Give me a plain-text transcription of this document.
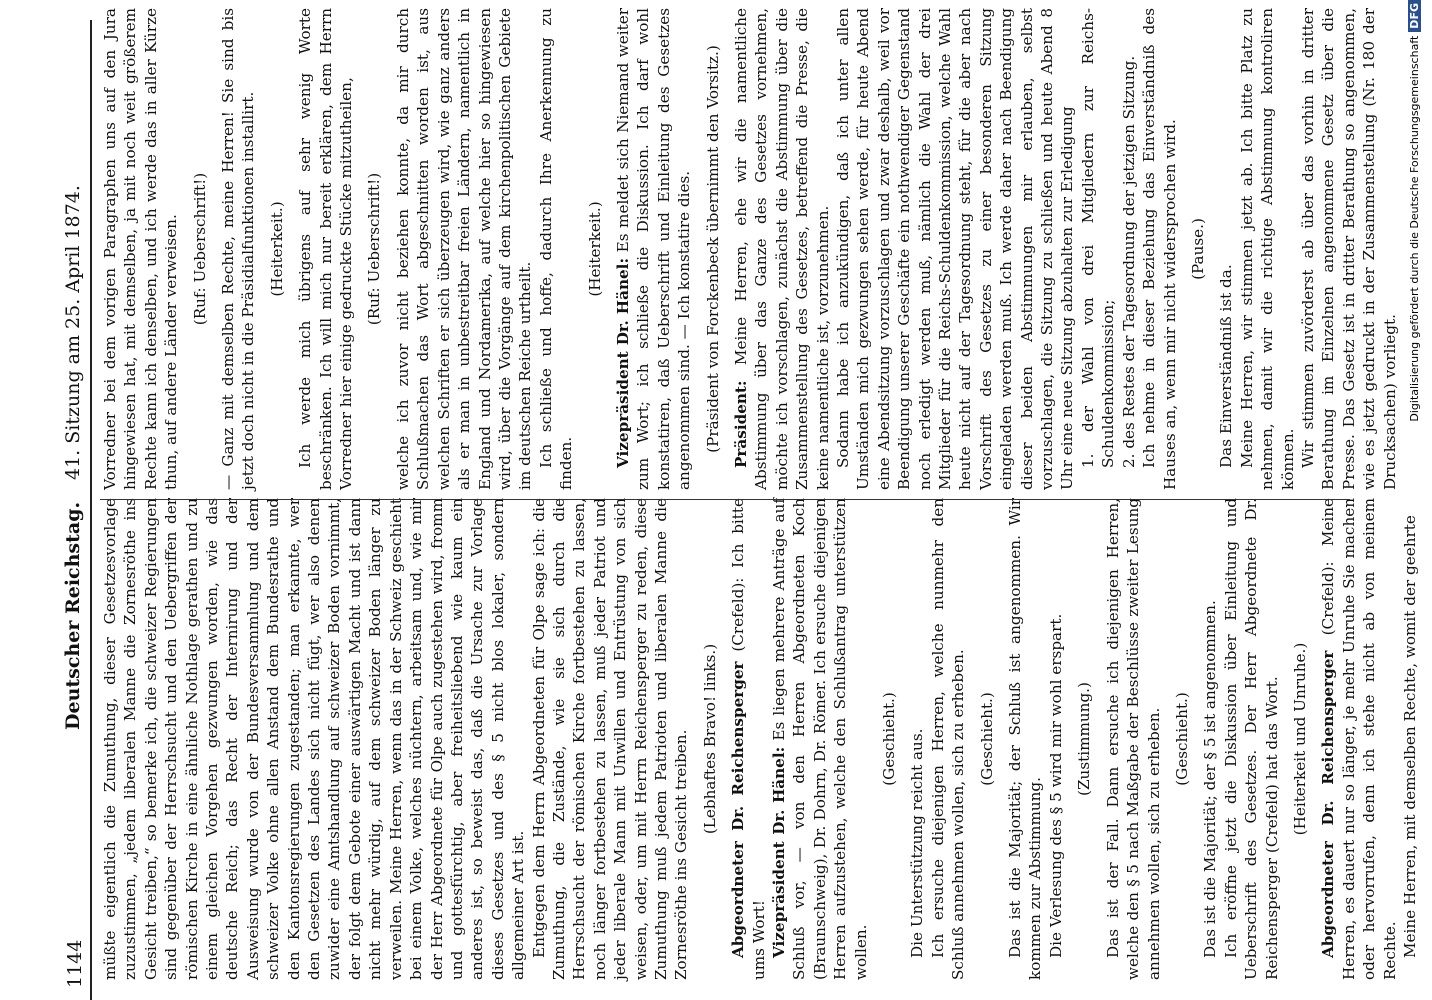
1144
Deutscher Reichstag.
41. Sitzung am 25. April 1874.

müßte eigentlich die Zumuthung, dieser Gesetzesvorlage zuzustimmen, „jedem liberalen Manne die Zornesröthe ins Gesicht treiben,“ so bemerke ich, die schweizer Regierungen sind gegenüber der Herrschsucht und den Uebergriffen der römischen Kirche in eine ähnliche Nothlage gerathen und zu einem gleichen Vorgehen gezwungen worden, wie das deutsche Reich; das Recht der Internirung und der Ausweisung wurde von der Bundesversammlung und dem schweizer Volke ohne allen Anstand dem Bundesrathe und den Kantonsregierungen zugestanden; man erkannte, wer den Gesetzen des Landes sich nicht fügt, wer also denen zuwider eine Amtshandlung auf schweizer Boden vornimmt, der folgt dem Gebote einer auswärtigen Macht und ist dann nicht mehr würdig, auf dem schweizer Boden länger zu verweilen. Meine Herren, wenn das in der Schweiz geschieht bei einem Volke, welches nüchtern, arbeitsam und, wie mir der Herr Abgeordnete für Olpe auch zugestehen wird, fromm und gottesfürchtig, aber freiheitsliebend wie kaum ein anderes ist, so beweist das, daß die Ursache zur Vorlage dieses Gesetzes und des § 5 nicht blos lokaler, sondern allgemeiner Art ist. Entgegen dem Herrn Abgeordneten für Olpe sage ich: die Zumuthung, die Zustände, wie sie sich durch die Herrschsucht der römischen Kirche fortbestehen zu lassen, noch länger fortbestehen zu lassen, muß jeder Patriot und jeder liberale Mann mit Unwillen und Entrüstung von sich weisen, oder, um mit Herrn Reichensperger zu reden, diese Zumuthung muß jedem Patrioten und liberalen Manne die Zornesröthe ins Gesicht treiben. (Lebhaftes Bravo! links.) Abgeordneter Dr. Reichensperger (Crefeld): Ich bitte ums Wort! Vizepräsident Dr. Hänel: Es liegen mehrere Anträge auf Schluß vor, — von den Herren Abgeordneten Koch (Braunschweig), Dr. Dohrn, Dr. Römer. Ich ersuche diejenigen Herren aufzustehen, welche den Schlußantrag unterstützen wollen.

(Geschieht.) Die Unterstützung reicht aus. Ich ersuche diejenigen Herren, welche nunmehr den Schluß annehmen wollen, sich zu erheben. (Geschieht.) Das ist die Majorität; der Schluß ist angenommen. Wir kommen zur Abstimmung. Die Verlesung des § 5 wird mir wohl erspart. (Zustimmung.) Das ist der Fall. Dann ersuche ich diejenigen Herren, welche den § 5 nach Maßgabe der Beschlüsse zweiter Lesung annehmen wollen, sich zu erheben. (Geschieht.) Das ist die Majorität; der § 5 ist angenommen. Ich eröffne jetzt die Diskussion über Einleitung und Ueberschrift des Gesetzes. Der Herr Abgeordnete Dr. Reichensperger (Crefeld) hat das Wort. (Heiterkeit und Unruhe.) Abgeordneter Dr. Reichensperger (Crefeld): Meine Herren, es dauert nur so länger, je mehr Unruhe Sie machen oder hervorrufen, denn ich stehe nicht ab von meinem Rechte. Meine Herren, mit demselben Rechte, womit der geehrte

Vorredner bei dem vorigen Paragraphen uns auf den Jura hingewiesen hat, mit demselben, ja mit noch weit größerem Rechte kann ich denselben, und ich werde das in aller Kürze thun, auf andere Länder verweisen. (Ruf: Ueberschrift!) — Ganz mit demselben Rechte, meine Herren! Sie sind bis jetzt doch nicht in die Präsidialfunktionen installirt. (Heiterkeit.) Ich werde mich übrigens auf sehr wenig Worte beschränken. Ich will mich nur bereit erklären, dem Herrn Vorredner hier einige gedruckte Stücke mitzutheilen, (Ruf: Ueberschrift!) welche ich zuvor nicht beziehen konnte, da mir durch Schlußmachen das Wort abgeschnitten worden ist, aus welchen Schriften er sich überzeugen wird, wie ganz anders als er man in unbestreitbar freien Ländern, namentlich in England und Nordamerika, auf welche hier so hingewiesen wird, über die Vorgänge auf dem kirchenpolitischen Gebiete im deutschen Reiche urtheilt. Ich schließe und hoffe, dadurch Ihre Anerkennung zu finden.

(Heiterkeit.)

Vizepräsident Dr. Hänel: Es meldet sich Niemand weiter zum Wort; ich schließe die Diskussion. Ich darf wohl konstatiren, daß Ueberschrift und Einleitung des Gesetzes angenommen sind. — Ich konstatire dies. (Präsident von Forckenbeck übernimmt den Vorsitz.) Präsident: Meine Herren, ehe wir die namentliche Abstimmung über das Ganze des Gesetzes vornehmen, möchte ich vorschlagen, zunächst die Abstimmung über die Zusammenstellung des Gesetzes, betreffend die Presse, die keine namentliche ist, vorzunehmen. Sodann habe ich anzukündigen, daß ich unter allen Umständen mich gezwungen sehen werde, für heute Abend eine Abendsitzung vorzuschlagen und zwar deshalb, weil vor Beendigung unserer Geschäfte ein nothwendiger Gegenstand noch erledigt werden muß, nämlich die Wahl der drei Mitglieder für die Reichs-Schuldenkommission, welche Wahl heute nicht auf der Tagesordnung steht, für die aber nach Vorschrift des Gesetzes zu einer besonderen Sitzung eingeladen werden muß. Ich werde daher nach Beendigung dieser beiden Abstimmungen mir erlauben, selbst vorzuschlagen, die Sitzung zu schließen und heute Abend 8 Uhr eine neue Sitzung abzuhalten zur Erledigung 1. der Wahl von drei Mitgliedern zur Reichs-Schuldenkommission; 2. des Restes der Tagesordnung der jetzigen Sitzung. Ich nehme in dieser Beziehung das Einverständniß des Hauses an, wenn mir nicht widersprochen wird. (Pause.)

Das Einverständniß ist da. Meine Herren, wir stimmen jetzt ab. Ich bitte Platz zu nehmen, damit wir die richtige Abstimmung kontroliren können. Wir stimmen zuvörderst ab über das vorhin in dritter Berathung im Einzelnen angenommene Gesetz über die Presse. Das Gesetz ist in dritter Berathung so angenommen, wie es jetzt gedruckt in der Zusammenstellung (Nr. 180 der Drucksachen) vorliegt. Digitalisierung gefördert durch die Deutsche ForschungsgemeinschaftDFG
